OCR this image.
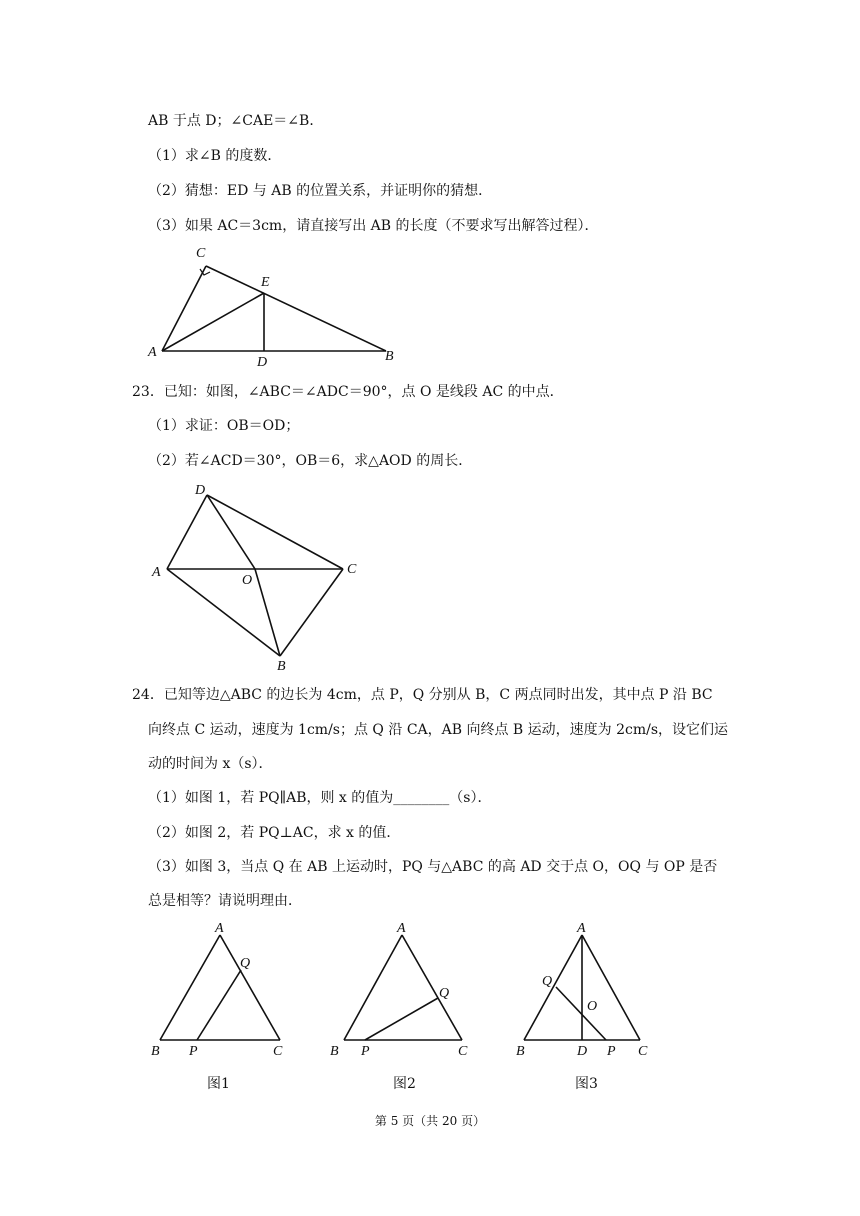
AB 于点 D；∠CAE＝∠B．
（1）求∠B 的度数．
（2）猜想：ED 与 AB 的位置关系，并证明你的猜想．
（3）如果 AC＝3cm，请直接写出 AB 的长度（不要求写出解答过程）．
C
E
A
D	B
23．已知：如图，∠ABC＝∠ADC＝90°，点 O 是线段 AC 的中点．
（1）求证：OB＝OD；
（2）若∠ACD＝30°，OB＝6，求△AOD 的周长．
D
A
O
C
B
24．已知等边△ABC 的边长为 4cm，点 P，Q 分别从 B，C 两点同时出发，其中点 P 沿 BC
向终点 C 运动，速度为 1cm/s；点 Q 沿 CA，AB 向终点 B 运动，速度为 2cm/s，设它们运
动的时间为 x（s）．
（1）如图 1，若 PQ∥AB，则 x 的值为________（s）．
（2）如图 2，若 PQ⊥AC，求 x 的值．
（3）如图 3，当点 Q 在 AB 上运动时，PQ 与△ABC 的高 AD 交于点 O，OQ 与 OP 是否
总是相等？请说明理由．
A
Q
B P	C
图1
A
Q
B P	C
图2
A
Q
O
B	D P C
图3
第 5 页（共 20 页）
